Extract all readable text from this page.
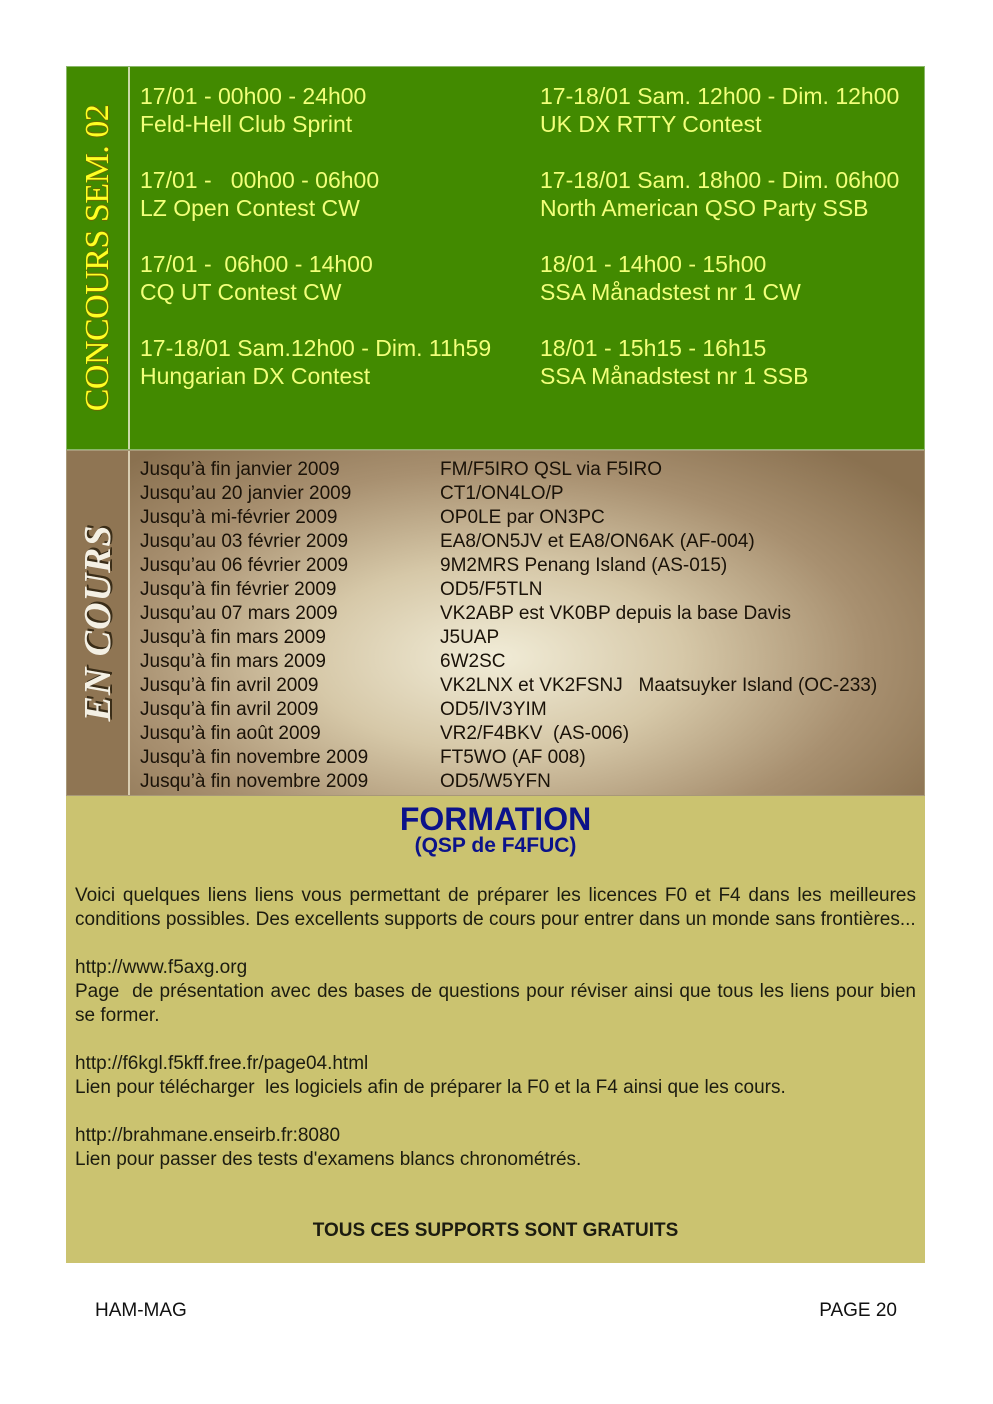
CONCOURS SEM. 02
17/01 - 00h00 - 24h00
Feld-Hell Club Sprint
17/01 -   00h00 - 06h00
LZ Open Contest CW
17/01 -  06h00 - 14h00
CQ UT Contest CW
17-18/01 Sam.12h00 - Dim. 11h59
Hungarian DX Contest
17-18/01 Sam. 12h00 - Dim. 12h00
UK DX RTTY Contest
17-18/01 Sam. 18h00 - Dim. 06h00
North American QSO Party SSB
18/01 - 14h00 - 15h00
SSA Månadstest nr 1 CW
18/01 - 15h15 - 16h15
SSA Månadstest nr 1 SSB
EN COURS
Jusqu’à fin janvier 2009
Jusqu’au 20 janvier 2009
Jusqu’à mi-février 2009
Jusqu’au 03 février 2009
Jusqu’au 06 février 2009
Jusqu’à fin février 2009
Jusqu’au 07 mars 2009
Jusqu’à fin mars 2009
Jusqu’à fin mars 2009
Jusqu’à fin avril 2009
Jusqu’à fin avril 2009
Jusqu’à fin août 2009
Jusqu’à fin novembre 2009
Jusqu’à fin novembre 2009
FM/F5IRO QSL via F5IRO
CT1/ON4LO/P
OP0LE par ON3PC
EA8/ON5JV et EA8/ON6AK (AF-004)
9M2MRS Penang Island (AS-015)
OD5/F5TLN
VK2ABP est VK0BP depuis la base Davis
J5UAP
6W2SC
VK2LNX et VK2FSNJ   Maatsuyker Island (OC-233)
OD5/IV3YIM
VR2/F4BKV  (AS-006)
FT5WO (AF 008)
OD5/W5YFN
FORMATION
(QSP de F4FUC)

Voici quelques liens liens vous permettant de préparer les licences F0 et F4 dans les meilleures conditions possibles. Des excellents supports de cours pour entrer dans un monde sans frontières...

http://www.f5axg.org
Page  de présentation avec des bases de questions pour réviser ainsi que tous les liens pour bien se former.

http://f6kgl.f5kff.free.fr/page04.html
Lien pour télécharger  les logiciels afin de préparer la F0 et la F4 ainsi que les cours.

http://brahmane.enseirb.fr:8080
Lien pour passer des tests d'examens blancs chronométrés.

TOUS CES SUPPORTS SONT GRATUITS
HAM-MAG	PAGE 20
